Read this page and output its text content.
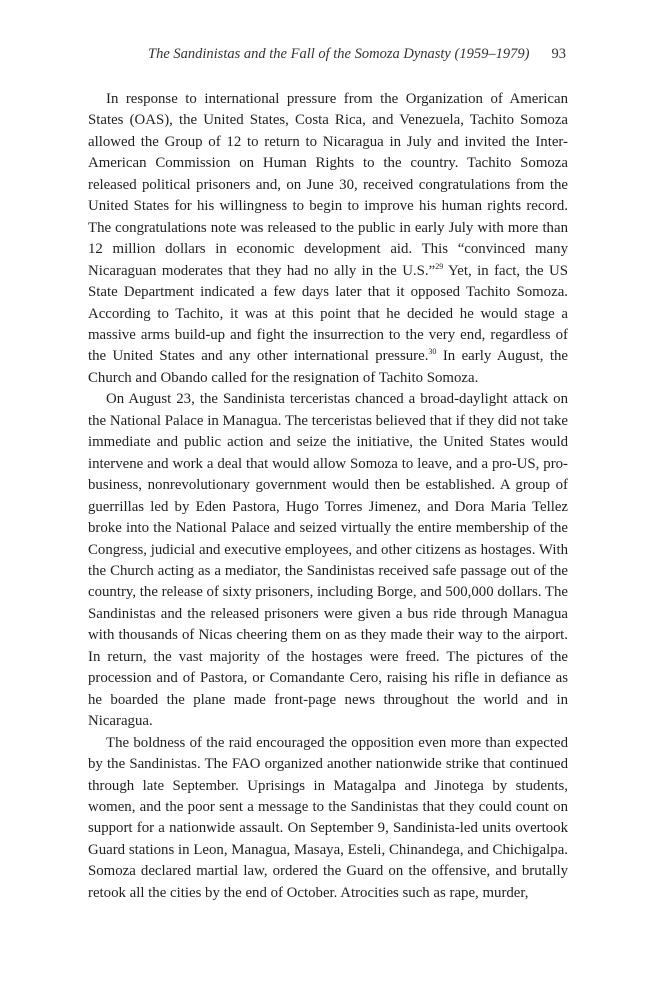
The Sandinistas and the Fall of the Somoza Dynasty (1959–1979) 93

In response to international pressure from the Organization of American States (OAS), the United States, Costa Rica, and Venezuela, Tachito Somoza allowed the Group of 12 to return to Nicaragua in July and invited the Inter-American Commission on Human Rights to the country. Tachito Somoza released political prisoners and, on June 30, received congratulations from the United States for his willingness to begin to improve his human rights record. The congratulations note was released to the public in early July with more than 12 million dollars in economic development aid. This “convinced many Nicaraguan moderates that they had no ally in the U.S.”$^{29}$ Yet, in fact, the US State Department indicated a few days later that it opposed Tachito Somoza. According to Tachito, it was at this point that he decided he would stage a massive arms build-up and fight the insurrection to the very end, regardless of the United States and any other international pressure.$^{30}$ In early August, the Church and Obando called for the resignation of Tachito Somoza.

On August 23, the Sandinista terceristas chanced a broad-daylight attack on the National Palace in Managua. The terceristas believed that if they did not take immediate and public action and seize the initiative, the United States would intervene and work a deal that would allow Somoza to leave, and a pro-US, pro-business, nonrevolutionary government would then be established. A group of guerrillas led by Eden Pastora, Hugo Torres Jimenez, and Dora Maria Tellez broke into the National Palace and seized virtually the entire membership of the Congress, judicial and executive employees, and other citizens as hostages. With the Church acting as a mediator, the Sandinistas received safe passage out of the country, the release of sixty prisoners, including Borge, and 500,000 dollars. The Sandinistas and the released prisoners were given a bus ride through Managua with thousands of Nicas cheering them on as they made their way to the airport. In return, the vast majority of the hostages were freed. The pictures of the procession and of Pastora, or Comandante Cero, raising his rifle in defiance as he boarded the plane made front-page news throughout the world and in Nicaragua.

The boldness of the raid encouraged the opposition even more than expected by the Sandinistas. The FAO organized another nationwide strike that continued through late September. Uprisings in Matagalpa and Jinotega by students, women, and the poor sent a message to the Sandinistas that they could count on support for a nationwide assault. On September 9, Sandinista-led units overtook Guard stations in Leon, Managua, Masaya, Esteli, Chinandega, and Chichigalpa. Somoza declared martial law, ordered the Guard on the offensive, and brutally retook all the cities by the end of October. Atrocities such as rape, murder,
